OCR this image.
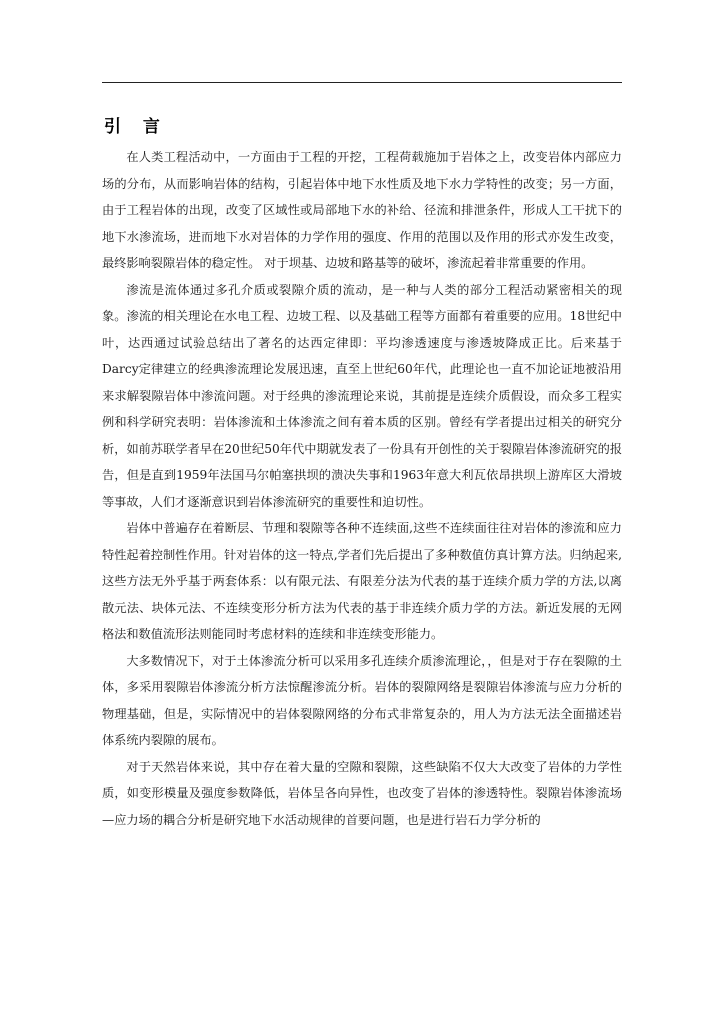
引 言

在人类工程活动中，一方面由于工程的开挖，工程荷载施加于岩体之上，改变岩体内部应力场的分布，从而影响岩体的结构，引起岩体中地下水性质及地下水力学特性的改变；另一方面，由于工程岩体的出现，改变了区域性或局部地下水的补给、径流和排泄条件，形成人工干扰下的地下水渗流场，进而地下水对岩体的力学作用的强度、作用的范围以及作用的形式亦发生改变，最终影响裂隙岩体的稳定性。 对于坝基、边坡和路基等的破坏，渗流起着非常重要的作用。

渗流是流体通过多孔介质或裂隙介质的流动，是一种与人类的部分工程活动紧密相关的现象。渗流的相关理论在水电工程、边坡工程、以及基础工程等方面都有着重要的应用。18世纪中叶，达西通过试验总结出了著名的达西定律即：平均渗透速度与渗透坡降成正比。后来基于Darcy定律建立的经典渗流理论发展迅速，直至上世纪60年代，此理论也一直不加论证地被沿用来求解裂隙岩体中渗流问题。对于经典的渗流理论来说，其前提是连续介质假设，而众多工程实例和科学研究表明：岩体渗流和土体渗流之间有着本质的区别。曾经有学者提出过相关的研究分析，如前苏联学者早在20世纪50年代中期就发表了一份具有开创性的关于裂隙岩体渗流研究的报告，但是直到1959年法国马尔帕塞拱坝的溃决失事和1963年意大利瓦依昂拱坝上游库区大滑坡等事故，人们才逐渐意识到岩体渗流研究的重要性和迫切性。

岩体中普遍存在着断层、节理和裂隙等各种不连续面,这些不连续面往往对岩体的渗流和应力特性起着控制性作用。针对岩体的这一特点,学者们先后提出了多种数值仿真计算方法。归纳起来,这些方法无外乎基于两套体系：以有限元法、有限差分法为代表的基于连续介质力学的方法,以离散元法、块体元法、不连续变形分析方法为代表的基于非连续介质力学的方法。新近发展的无网格法和数值流形法则能同时考虑材料的连续和非连续变形能力。

大多数情况下，对于土体渗流分析可以采用多孔连续介质渗流理论，，但是对于存在裂隙的土体，多采用裂隙岩体渗流分析方法惊醒渗流分析。岩体的裂隙网络是裂隙岩体渗流与应力分析的物理基础，但是，实际情况中的岩体裂隙网络的分布式非常复杂的，用人为方法无法全面描述岩体系统内裂隙的展布。

对于天然岩体来说，其中存在着大量的空隙和裂隙，这些缺陷不仅大大改变了岩体的力学性质，如变形模量及强度参数降低，岩体呈各向异性，也改变了岩体的渗透特性。裂隙岩体渗流场—应力场的耦合分析是研究地下水活动规律的首要问题，也是进行岩石力学分析的
